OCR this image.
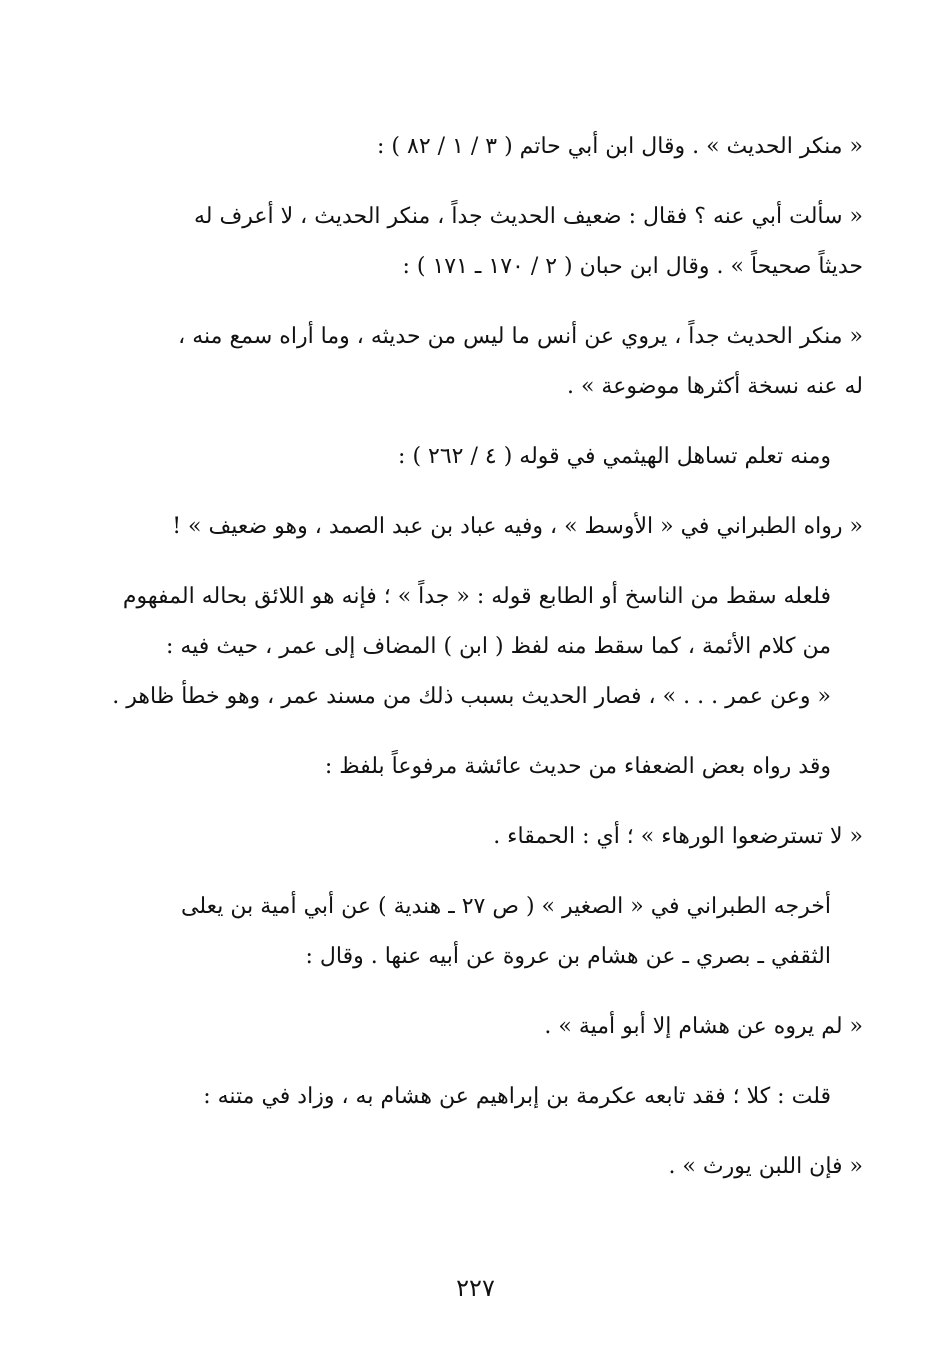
« منكر الحديث » . وقال ابن أبي حاتم ( ٣ / ١ / ٨٢ ) :

« سألت أبي عنه ؟ فقال : ضعيف الحديث جداً ، منكر الحديث ، لا أعرف له
حديثاً صحيحاً » . وقال ابن حبان ( ٢ / ١٧٠ ـ ١٧١ ) :

« منكر الحديث جداً ، يروي عن أنس ما ليس من حديثه ، وما أراه سمع منه ،
له عنه نسخة أكثرها موضوعة » .

ومنه تعلم تساهل الهيثمي في قوله ( ٤ / ٢٦٢ ) :

« رواه الطبراني في « الأوسط » ، وفيه عباد بن عبد الصمد ، وهو ضعيف » !

فلعله سقط من الناسخ أو الطابع قوله : « جداً » ؛ فإنه هو اللائق بحاله المفهوم
من كلام الأئمة ، كما سقط منه لفظ ( ابن ) المضاف إلى عمر ، حيث فيه :
« وعن عمر . . . » ، فصار الحديث بسبب ذلك من مسند عمر ، وهو خطأ ظاهر .

وقد رواه بعض الضعفاء من حديث عائشة مرفوعاً بلفظ :

« لا تسترضعوا الورهاء » ؛ أي : الحمقاء .

أخرجه الطبراني في « الصغير » ( ص ٢٧ ـ هندية ) عن أبي أمية بن يعلى
الثقفي ـ بصري ـ عن هشام بن عروة عن أبيه عنها . وقال :

« لم يروه عن هشام إلا أبو أمية » .

قلت : كلا ؛ فقد تابعه عكرمة بن إبراهيم عن هشام به ، وزاد في متنه :

« فإن اللبن يورث » .

٢٢٧
